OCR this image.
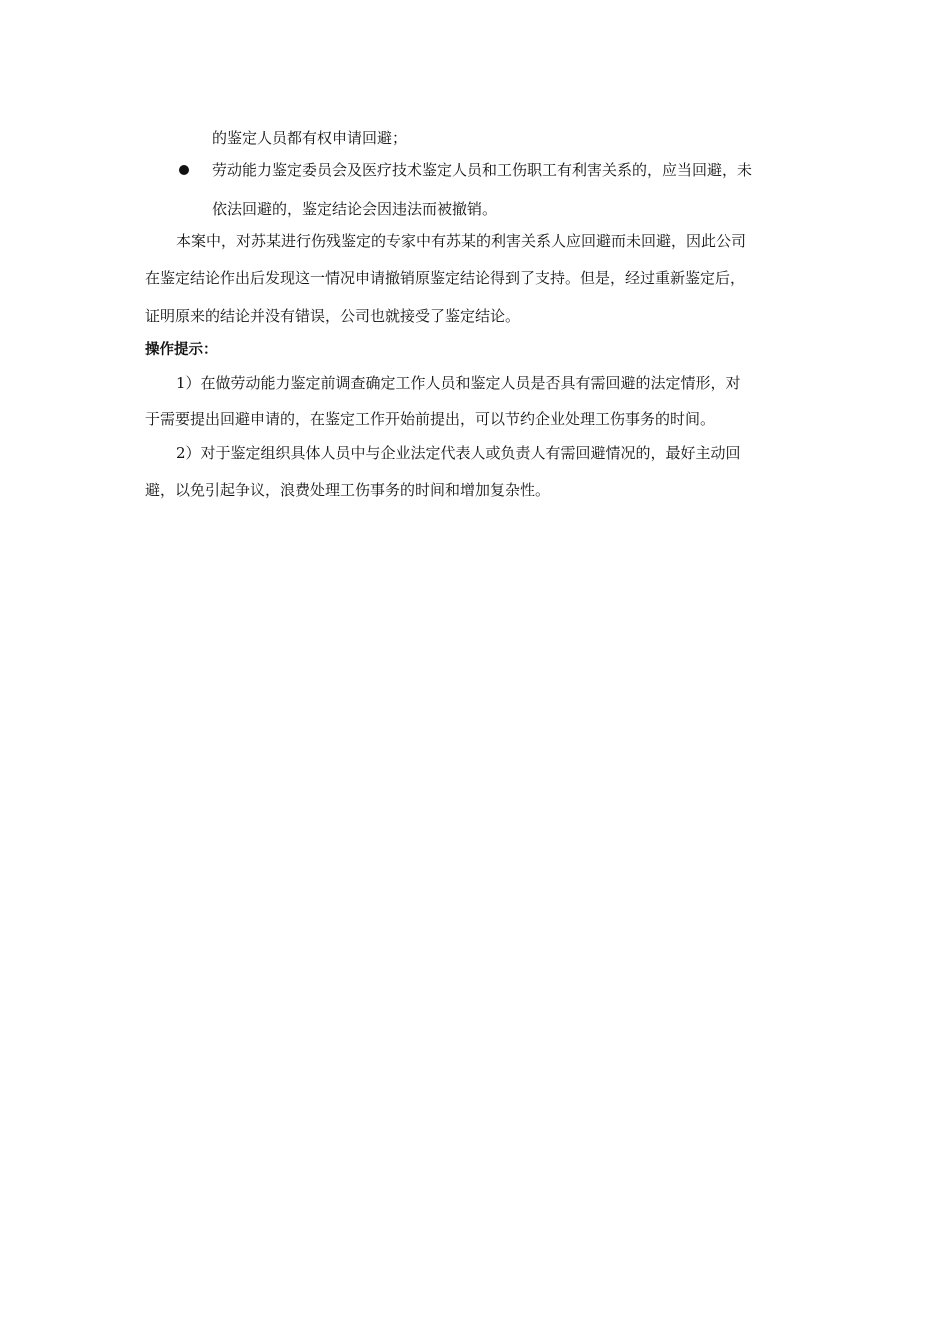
的鉴定人员都有权申请回避；
劳动能力鉴定委员会及医疗技术鉴定人员和工伤职工有利害关系的，应当回避，未
依法回避的，鉴定结论会因违法而被撤销。
本案中，对苏某进行伤残鉴定的专家中有苏某的利害关系人应回避而未回避，因此公司
在鉴定结论作出后发现这一情况申请撤销原鉴定结论得到了支持。但是，经过重新鉴定后，
证明原来的结论并没有错误，公司也就接受了鉴定结论。
操作提示：
1）在做劳动能力鉴定前调查确定工作人员和鉴定人员是否具有需回避的法定情形，对
于需要提出回避申请的，在鉴定工作开始前提出，可以节约企业处理工伤事务的时间。
2）对于鉴定组织具体人员中与企业法定代表人或负责人有需回避情况的，最好主动回
避，以免引起争议，浪费处理工伤事务的时间和增加复杂性。
